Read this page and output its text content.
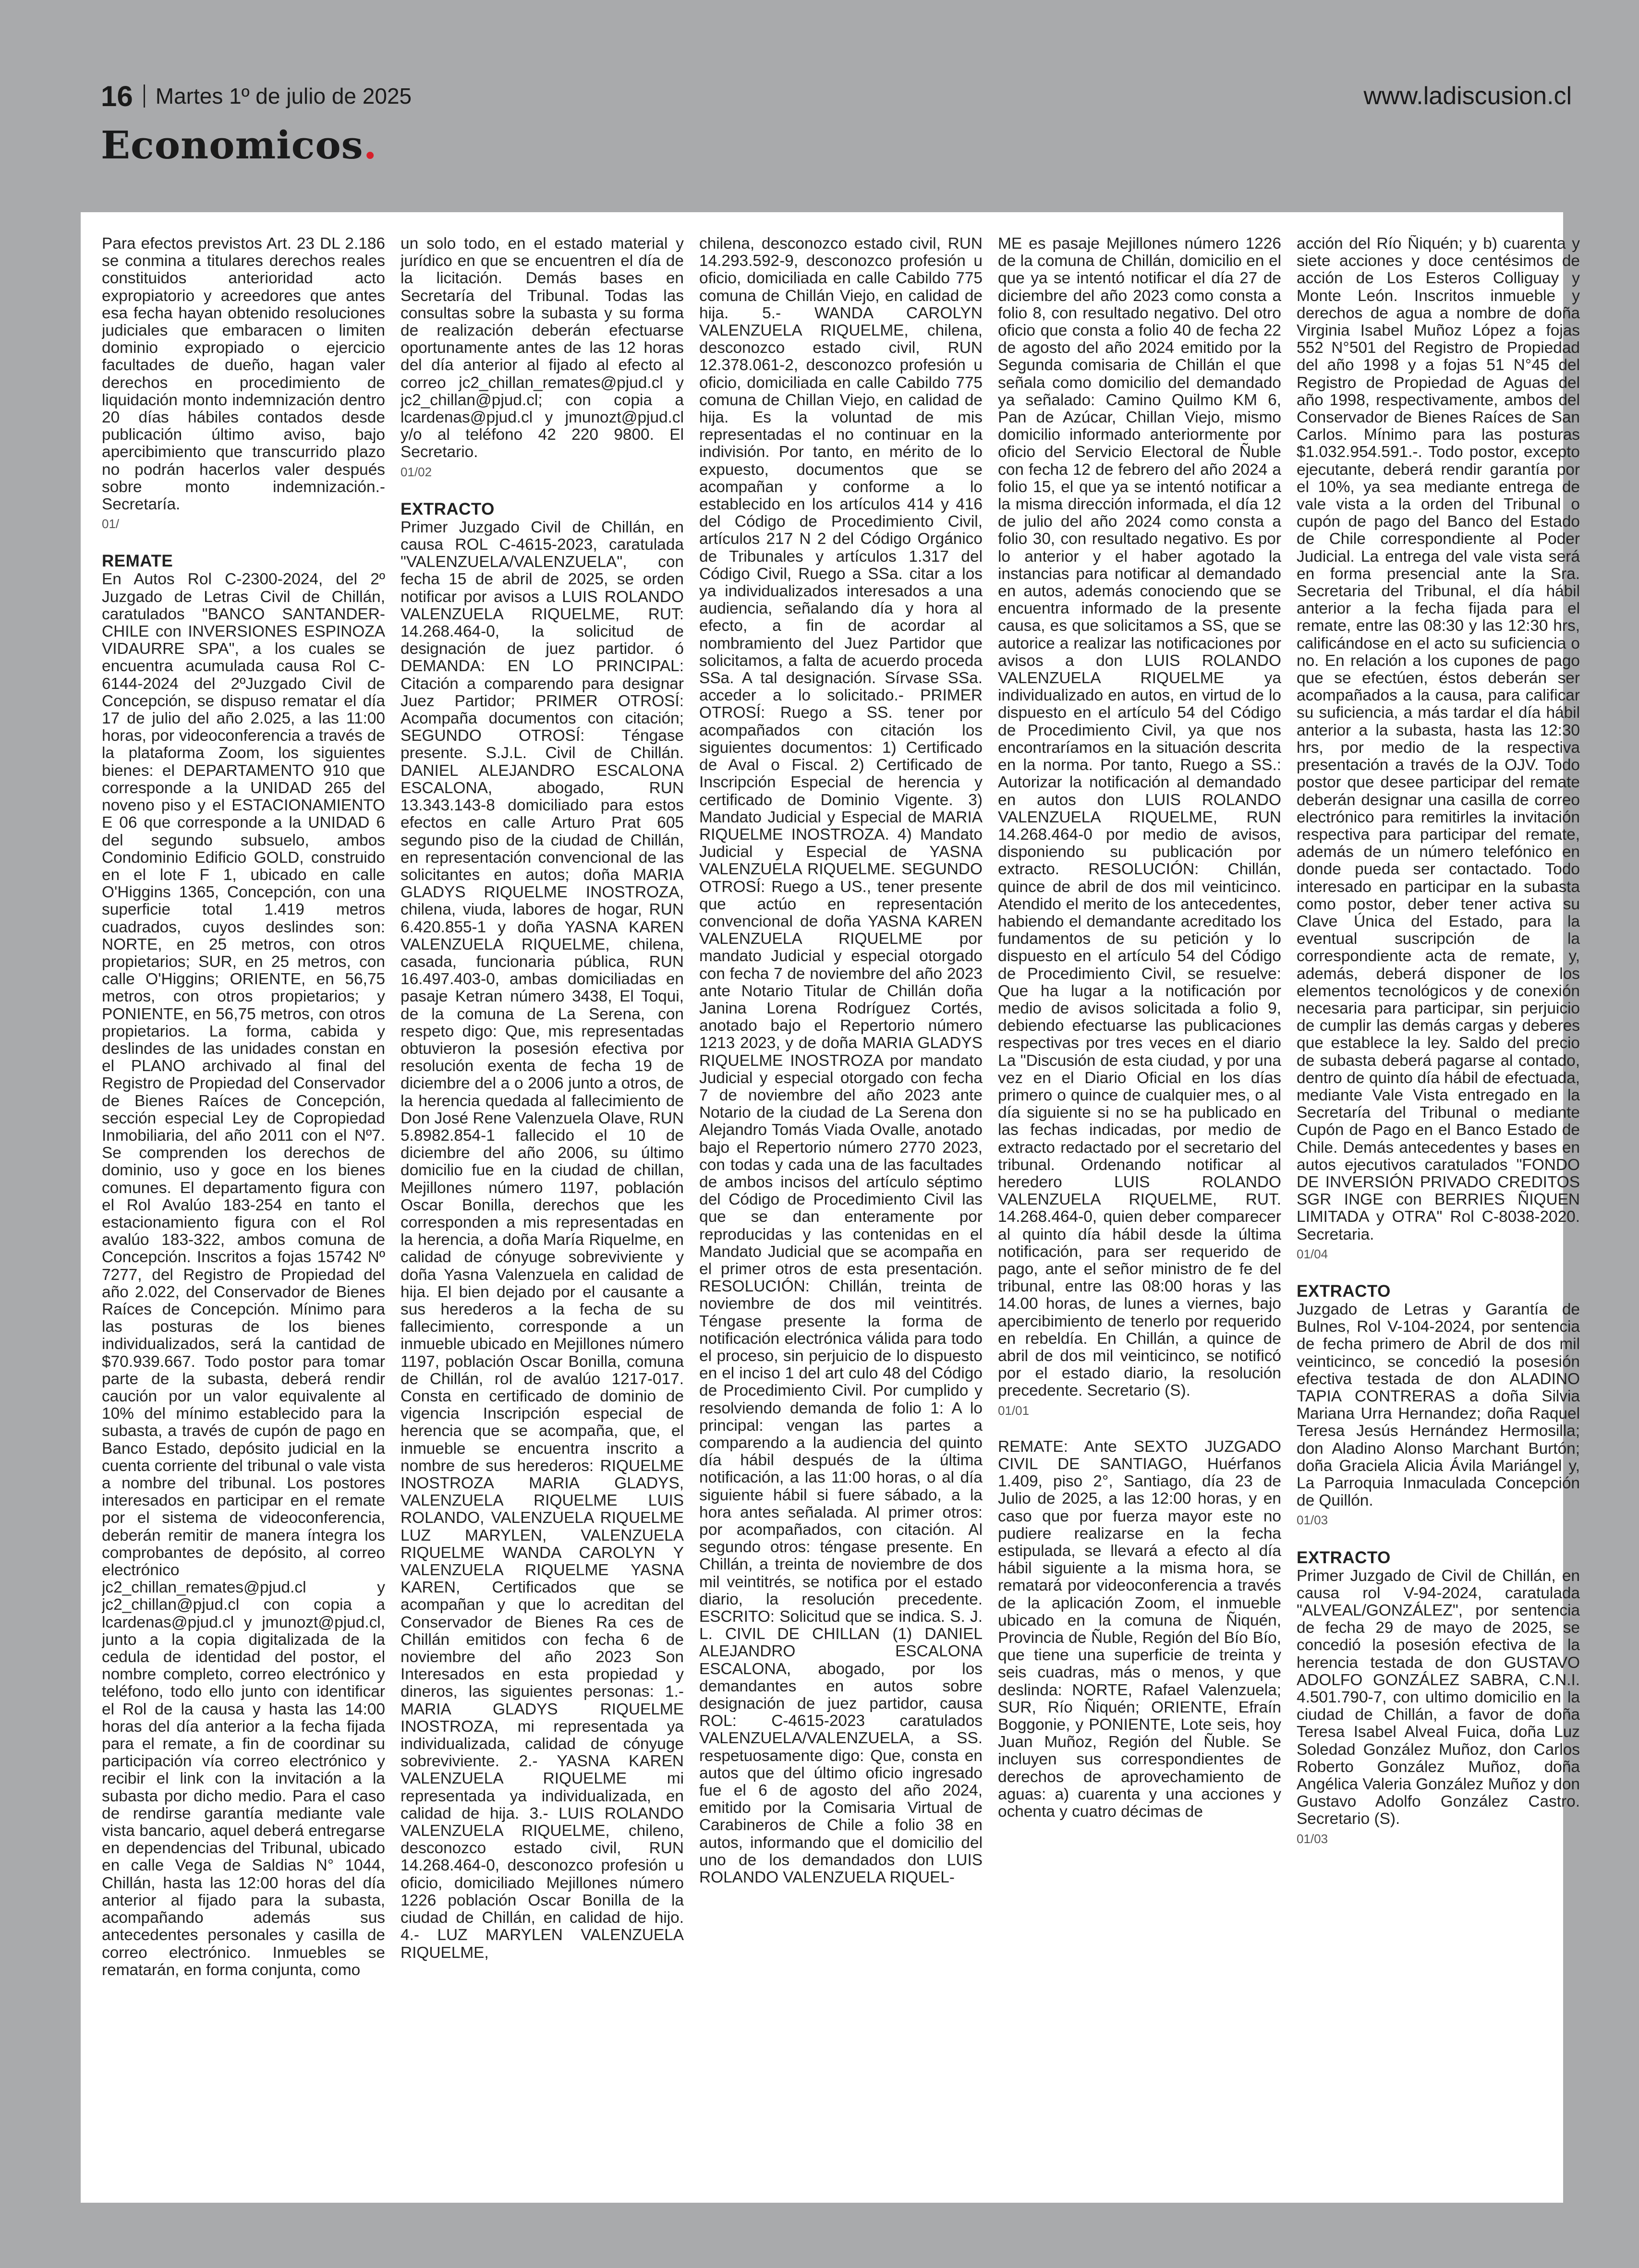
16 Martes 1º de julio de 2025	www.ladiscusion.cl
Economicos.

Para efectos previstos Art. 23 DL 2.186 se conmina a titulares derechos reales constituidos anterioridad acto expropiatorio y acreedores que antes esa fecha hayan obtenido resoluciones judiciales que embaracen o limiten dominio expropiado o ejercicio facultades de dueño, hagan valer derechos en procedimiento de liquidación monto indemnización dentro 20 días hábiles contados desde publicación último aviso, bajo apercibimiento que transcurrido plazo no podrán hacerlos valer después sobre monto indemnización.- Secretaría.

01/
REMATE

En Autos Rol C-2300-2024, del 2º Juzgado de Letras Civil de Chillán, caratulados "BANCO SANTANDER-CHILE con INVERSIONES ESPINOZA VIDAURRE SPA", a los cuales se encuentra acumulada causa Rol C-6144-2024 del 2ºJuzgado Civil de Concepción, se dispuso rematar el día 17 de julio del año 2.025, a las 11:00 horas, por videoconferencia a través de la plataforma Zoom, los siguientes bienes: el DEPARTAMENTO 910 que corresponde a la UNIDAD 265 del noveno piso y el ESTACIONAMIENTO E 06 que corresponde a la UNIDAD 6 del segundo subsuelo, ambos Condominio Edificio GOLD, construido en el lote F 1, ubicado en calle O'Higgins 1365, Concepción, con una superficie total 1.419 metros cuadrados, cuyos deslindes son: NORTE, en 25 metros, con otros propietarios; SUR, en 25 metros, con calle O'Higgins; ORIENTE, en 56,75 metros, con otros propietarios; y PONIENTE, en 56,75 metros, con otros propietarios. La forma, cabida y deslindes de las unidades constan en el PLANO archivado al final del Registro de Propiedad del Conservador de Bienes Raíces de Concepción, sección especial Ley de Copropiedad Inmobiliaria, del año 2011 con el Nº7. Se comprenden los derechos de dominio, uso y goce en los bienes comunes. El departamento figura con el Rol Avalúo 183-254 en tanto el estacionamiento figura con el Rol avalúo 183-322, ambos comuna de Concepción. Inscritos a fojas 15742 Nº 7277, del Registro de Propiedad del año 2.022, del Conservador de Bienes Raíces de Concepción. Mínimo para las posturas de los bienes individualizados, será la cantidad de $70.939.667. Todo postor para tomar parte de la subasta, deberá rendir caución por un valor equivalente al 10% del mínimo establecido para la subasta, a través de cupón de pago en Banco Estado, depósito judicial en la cuenta corriente del tribunal o vale vista a nombre del tribunal. Los postores interesados en participar en el remate por el sistema de videoconferencia, deberán remitir de manera íntegra los comprobantes de depósito, al correo electrónico jc2_chillan_remates@pjud.cl y jc2_chillan@pjud.cl con copia a lcardenas@pjud.cl y jmunozt@pjud.cl, junto a la copia digitalizada de la cedula de identidad del postor, el nombre completo, correo electrónico y teléfono, todo ello junto con identificar el Rol de la causa y hasta las 14:00 horas del día anterior a la fecha fijada para el remate, a fin de coordinar su participación vía correo electrónico y recibir el link con la invitación a la subasta por dicho medio. Para el caso de rendirse garantía mediante vale vista bancario, aquel deberá entregarse en dependencias del Tribunal, ubicado en calle Vega de Saldias N° 1044, Chillán, hasta las 12:00 horas del día anterior al fijado para la subasta, acompañando además sus antecedentes personales y casilla de correo electrónico. Inmuebles se rematarán, en forma conjunta, como

un solo todo, en el estado material y jurídico en que se encuentren el día de la licitación. Demás bases en Secretaría del Tribunal. Todas las consultas sobre la subasta y su forma de realización deberán efectuarse oportunamente antes de las 12 horas del día anterior al fijado al efecto al correo jc2_chillan_remates@pjud.cl y jc2_chillan@pjud.cl; con copia a lcardenas@pjud.cl y jmunozt@pjud.cl y/o al teléfono 42 220 9800. El Secretario.

01/02
EXTRACTO

Primer Juzgado Civil de Chillán, en causa ROL C-4615-2023, caratulada "VALENZUELA/VALENZUELA", con fecha 15 de abril de 2025, se orden notificar por avisos a LUIS ROLANDO VALENZUELA RIQUELME, RUT: 14.268.464-0, la solicitud de designación de juez partidor. ó DEMANDA: EN LO PRINCIPAL: Citación a comparendo para designar Juez Partidor; PRIMER OTROSÍ: Acompaña documentos con citación; SEGUNDO OTROSÍ: Téngase presente. S.J.L. Civil de Chillán. DANIEL ALEJANDRO ESCALONA ESCALONA, abogado, RUN 13.343.143-8 domiciliado para estos efectos en calle Arturo Prat 605 segundo piso de la ciudad de Chillán, en representación convencional de las solicitantes en autos; doña MARIA GLADYS RIQUELME INOSTROZA, chilena, viuda, labores de hogar, RUN 6.420.855-1 y doña YASNA KAREN VALENZUELA RIQUELME, chilena, casada, funcionaria pública, RUN 16.497.403-0, ambas domiciliadas en pasaje Ketran número 3438, El Toqui, de la comuna de La Serena, con respeto digo: Que, mis representadas obtuvieron la posesión efectiva por resolución exenta de fecha 19 de diciembre del a o 2006 junto a otros, de la herencia quedada al fallecimiento de Don José Rene Valenzuela Olave, RUN 5.8982.854-1 fallecido el 10 de diciembre del año 2006, su último domicilio fue en la ciudad de chillan, Mejillones número 1197, población Oscar Bonilla, derechos que les corresponden a mis representadas en la herencia, a doña María Riquelme, en calidad de cónyuge sobreviviente y doña Yasna Valenzuela en calidad de hija. El bien dejado por el causante a sus herederos a la fecha de su fallecimiento, corresponde a un inmueble ubicado en Mejillones número 1197, población Oscar Bonilla, comuna de Chillán, rol de avalúo 1217-017. Consta en certificado de dominio de vigencia Inscripción especial de herencia que se acompaña, que, el inmueble se encuentra inscrito a nombre de sus herederos: RIQUELME INOSTROZA MARIA GLADYS, VALENZUELA RIQUELME LUIS ROLANDO, VALENZUELA RIQUELME LUZ MARYLEN, VALENZUELA RIQUELME WANDA CAROLYN Y VALENZUELA RIQUELME YASNA KAREN, Certificados que se acompañan y que lo acreditan del Conservador de Bienes Ra ces de Chillán emitidos con fecha 6 de noviembre del año 2023 Son Interesados en esta propiedad y dineros, las siguientes personas: 1.- MARIA GLADYS RIQUELME INOSTROZA, mi representada ya individualizada, calidad de cónyuge sobreviviente. 2.- YASNA KAREN VALENZUELA RIQUELME mi representada ya individualizada, en calidad de hija. 3.- LUIS ROLANDO VALENZUELA RIQUELME, chileno, desconozco estado civil, RUN 14.268.464-0, desconozco profesión u oficio, domiciliado Mejillones número 1226 población Oscar Bonilla de la ciudad de Chillán, en calidad de hijo. 4.- LUZ MARYLEN VALENZUELA RIQUELME,

chilena, desconozco estado civil, RUN 14.293.592-9, desconozco profesión u oficio, domiciliada en calle Cabildo 775 comuna de Chillán Viejo, en calidad de hija. 5.- WANDA CAROLYN VALENZUELA RIQUELME, chilena, desconozco estado civil, RUN 12.378.061-2, desconozco profesión u oficio, domiciliada en calle Cabildo 775 comuna de Chillan Viejo, en calidad de hija. Es la voluntad de mis representadas el no continuar en la indivisión. Por tanto, en mérito de lo expuesto, documentos que se acompañan y conforme a lo establecido en los artículos 414 y 416 del Código de Procedimiento Civil, artículos 217 N 2 del Código Orgánico de Tribunales y artículos 1.317 del Código Civil, Ruego a SSa. citar a los ya individualizados interesados a una audiencia, señalando día y hora al efecto, a fin de acordar al nombramiento del Juez Partidor que solicitamos, a falta de acuerdo proceda SSa. A tal designación. Sírvase SSa. acceder a lo solicitado.- PRIMER OTROSÍ: Ruego a SS. tener por acompañados con citación los siguientes documentos: 1) Certificado de Aval o Fiscal. 2) Certificado de Inscripción Especial de herencia y certificado de Dominio Vigente. 3) Mandato Judicial y Especial de MARIA RIQUELME INOSTROZA. 4) Mandato Judicial y Especial de YASNA VALENZUELA RIQUELME. SEGUNDO OTROSÍ: Ruego a US., tener presente que actúo en representación convencional de doña YASNA KAREN VALENZUELA RIQUELME por mandato Judicial y especial otorgado con fecha 7 de noviembre del año 2023 ante Notario Titular de Chillán doña Janina Lorena Rodríguez Cortés, anotado bajo el Repertorio número 1213 2023, y de doña MARIA GLADYS RIQUELME INOSTROZA por mandato Judicial y especial otorgado con fecha 7 de noviembre del año 2023 ante Notario de la ciudad de La Serena don Alejandro Tomás Viada Ovalle, anotado bajo el Repertorio número 2770 2023, con todas y cada una de las facultades de ambos incisos del artículo séptimo del Código de Procedimiento Civil las que se dan enteramente por reproducidas y las contenidas en el Mandato Judicial que se acompaña en el primer otros de esta presentación. RESOLUCIÓN: Chillán, treinta de noviembre de dos mil veintitrés. Téngase presente la forma de notificación electrónica válida para todo el proceso, sin perjuicio de lo dispuesto en el inciso 1 del art culo 48 del Código de Procedimiento Civil. Por cumplido y resolviendo demanda de folio 1: A lo principal: vengan las partes a comparendo a la audiencia del quinto día hábil después de la última notificación, a las 11:00 horas, o al día siguiente hábil si fuere sábado, a la hora antes señalada. Al primer otros: por acompañados, con citación. Al segundo otros: téngase presente. En Chillán, a treinta de noviembre de dos mil veintitrés, se notifica por el estado diario, la resolución precedente. ESCRITO: Solicitud que se indica. S. J. L. CIVIL DE CHILLAN (1) DANIEL ALEJANDRO ESCALONA ESCALONA, abogado, por los demandantes en autos sobre designación de juez partidor, causa ROL: C-4615-2023 caratulados VALENZUELA/VALENZUELA, a SS. respetuosamente digo: Que, consta en autos que del último oficio ingresado fue el 6 de agosto del año 2024, emitido por la Comisaria Virtual de Carabineros de Chile a folio 38 en autos, informando que el domicilio del uno de los demandados don LUIS ROLANDO VALENZUELA RIQUEL-

ME es pasaje Mejillones número 1226 de la comuna de Chillán, domicilio en el que ya se intentó notificar el día 27 de diciembre del año 2023 como consta a folio 8, con resultado negativo. Del otro oficio que consta a folio 40 de fecha 22 de agosto del año 2024 emitido por la Segunda comisaria de Chillán el que señala como domicilio del demandado ya señalado: Camino Quilmo KM 6, Pan de Azúcar, Chillan Viejo, mismo domicilio informado anteriormente por oficio del Servicio Electoral de Ñuble con fecha 12 de febrero del año 2024 a folio 15, el que ya se intentó notificar a la misma dirección informada, el día 12 de julio del año 2024 como consta a folio 30, con resultado negativo. Es por lo anterior y el haber agotado la instancias para notificar al demandado en autos, además conociendo que se encuentra informado de la presente causa, es que solicitamos a SS, que se autorice a realizar las notificaciones por avisos a don LUIS ROLANDO VALENZUELA RIQUELME ya individualizado en autos, en virtud de lo dispuesto en el artículo 54 del Código de Procedimiento Civil, ya que nos encontraríamos en la situación descrita en la norma. Por tanto, Ruego a SS.: Autorizar la notificación al demandado en autos don LUIS ROLANDO VALENZUELA RIQUELME, RUN 14.268.464-0 por medio de avisos, disponiendo su publicación por extracto. RESOLUCIÓN: Chillán, quince de abril de dos mil veinticinco. Atendido el merito de los antecedentes, habiendo el demandante acreditado los fundamentos de su petición y lo dispuesto en el artículo 54 del Código de Procedimiento Civil, se resuelve: Que ha lugar a la notificación por medio de avisos solicitada a folio 9, debiendo efectuarse las publicaciones respectivas por tres veces en el diario La "Discusión de esta ciudad, y por una vez en el Diario Oficial en los días primero o quince de cualquier mes, o al día siguiente si no se ha publicado en las fechas indicadas, por medio de extracto redactado por el secretario del tribunal. Ordenando notificar al heredero LUIS ROLANDO VALENZUELA RIQUELME, RUT. 14.268.464-0, quien deber comparecer al quinto día hábil desde la última notificación, para ser requerido de pago, ante el señor ministro de fe del tribunal, entre las 08:00 horas y las 14.00 horas, de lunes a viernes, bajo apercibimiento de tenerlo por requerido en rebeldía. En Chillán, a quince de abril de dos mil veinticinco, se notificó por el estado diario, la resolución precedente. Secretario (S).

01/01

REMATE: Ante SEXTO JUZGADO CIVIL DE SANTIAGO, Huérfanos 1.409, piso 2°, Santiago, día 23 de Julio de 2025, a las 12:00 horas, y en caso que por fuerza mayor este no pudiere realizarse en la fecha estipulada, se llevará a efecto al día hábil siguiente a la misma hora, se rematará por videoconferencia a través de la aplicación Zoom, el inmueble ubicado en la comuna de Ñiquén, Provincia de Ñuble, Región del Bío Bío, que tiene una superficie de treinta y seis cuadras, más o menos, y que deslinda: NORTE, Rafael Valenzuela; SUR, Río Ñiquén; ORIENTE, Efraín Boggonie, y PONIENTE, Lote seis, hoy Juan Muñoz, Región del Ñuble. Se incluyen sus correspondientes de derechos de aprovechamiento de aguas: a) cuarenta y una acciones y ochenta y cuatro décimas de

acción del Río Ñiquén; y b) cuarenta y siete acciones y doce centésimos de acción de Los Esteros Colliguay y Monte León. Inscritos inmueble y derechos de agua a nombre de doña Virginia Isabel Muñoz López a fojas 552 N°501 del Registro de Propiedad del año 1998 y a fojas 51 N°45 del Registro de Propiedad de Aguas del año 1998, respectivamente, ambos del Conservador de Bienes Raíces de San Carlos. Mínimo para las posturas $1.032.954.591.-. Todo postor, excepto ejecutante, deberá rendir garantía por el 10%, ya sea mediante entrega de vale vista a la orden del Tribunal o cupón de pago del Banco del Estado de Chile correspondiente al Poder Judicial. La entrega del vale vista será en forma presencial ante la Sra. Secretaria del Tribunal, el día hábil anterior a la fecha fijada para el remate, entre las 08:30 y las 12:30 hrs, calificándose en el acto su suficiencia o no. En relación a los cupones de pago que se efectúen, éstos deberán ser acompañados a la causa, para calificar su suficiencia, a más tardar el día hábil anterior a la subasta, hasta las 12:30 hrs, por medio de la respectiva presentación a través de la OJV. Todo postor que desee participar del remate deberán designar una casilla de correo electrónico para remitirles la invitación respectiva para participar del remate, además de un número telefónico en donde pueda ser contactado. Todo interesado en participar en la subasta como postor, deber tener activa su Clave Única del Estado, para la eventual suscripción de la correspondiente acta de remate, y, además, deberá disponer de los elementos tecnológicos y de conexión necesaria para participar, sin perjuicio de cumplir las demás cargas y deberes que establece la ley. Saldo del precio de subasta deberá pagarse al contado, dentro de quinto día hábil de efectuada, mediante Vale Vista entregado en la Secretaría del Tribunal o mediante Cupón de Pago en el Banco Estado de Chile. Demás antecedentes y bases en autos ejecutivos caratulados "FONDO DE INVERSIÓN PRIVADO CREDITOS SGR INGE con BERRIES ÑIQUEN LIMITADA y OTRA" Rol C-8038-2020. Secretaria.

01/04
EXTRACTO

Juzgado de Letras y Garantía de Bulnes, Rol V-104-2024, por sentencia de fecha primero de Abril de dos mil veinticinco, se concedió la posesión efectiva testada de don ALADINO TAPIA CONTRERAS a doña Silvia Mariana Urra Hernandez; doña Raquel Teresa Jesús Hernández Hermosilla; don Aladino Alonso Marchant Burtón; doña Graciela Alicia Ávila Mariángel y, La Parroquia Inmaculada Concepción de Quillón.

01/03
EXTRACTO

Primer Juzgado de Civil de Chillán, en causa rol V-94-2024, caratulada "ALVEAL/GONZÁLEZ", por sentencia de fecha 29 de mayo de 2025, se concedió la posesión efectiva de la herencia testada de don GUSTAVO ADOLFO GONZÁLEZ SABRA, C.N.I. 4.501.790-7, con ultimo domicilio en la ciudad de Chillán, a favor de doña Teresa Isabel Alveal Fuica, doña Luz Soledad González Muñoz, don Carlos Roberto González Muñoz, doña Angélica Valeria González Muñoz y don Gustavo Adolfo González Castro. Secretario (S).

01/03
